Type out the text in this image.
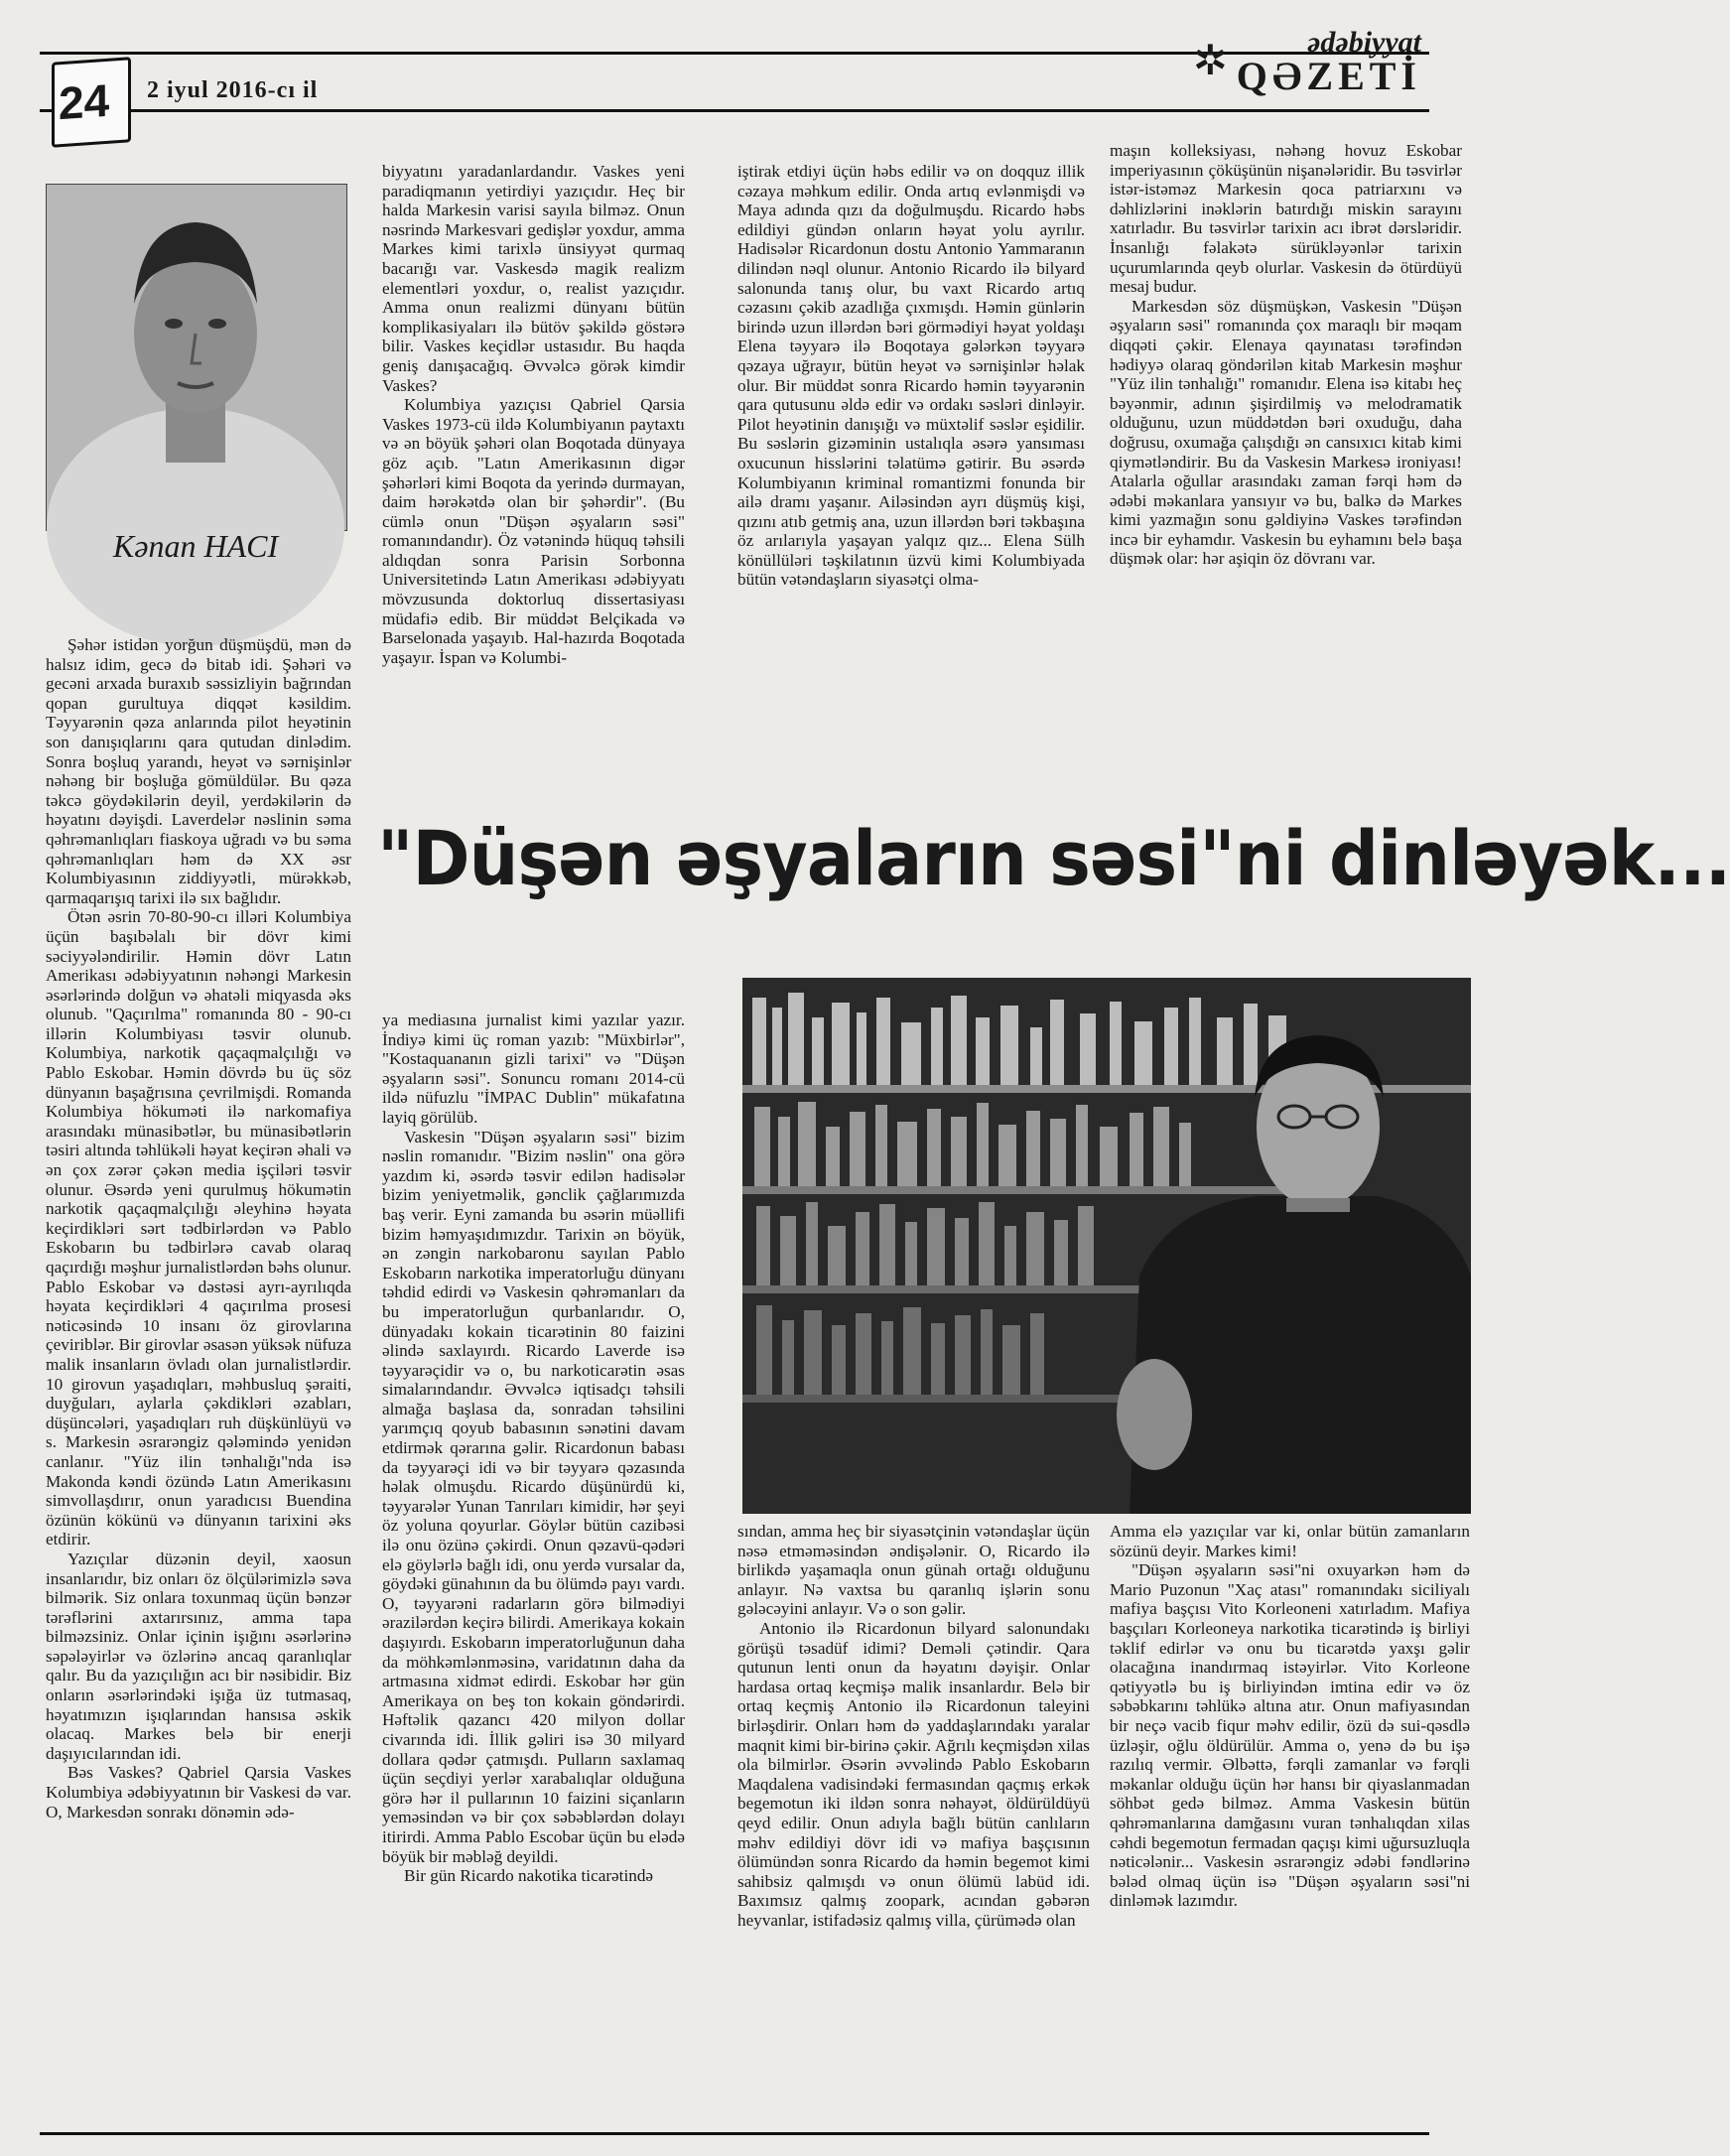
24 2 iyul 2016-cı il
✲	ədəbiyyat
QƏZETİ
Kənan HACI

Şəhər istidən yorğun düşmüşdü, mən də halsız idim, gecə də bitab idi. Şəhəri və gecəni arxada buraxıb səssizliyin bağrından qopan gurultuya diqqət kəsildim. Təyyarənin qəza anlarında pilot heyətinin son danışıqlarını qara qutudan dinlədim. Sonra boşluq yarandı, heyət və sərnişinlər nəhəng bir boşluğa gömüldülər. Bu qəza təkcə göydəkilərin deyil, yerdəkilərin də həyatını dəyişdi. Laverdelər nəslinin səma qəhrəmanlıqları fiaskoya uğradı və bu səma qəhrəmanlıqları həm də XX əsr Kolumbiyasının ziddiyyətli, mürəkkəb, qarmaqarışıq tarixi ilə sıx bağlıdır.

Ötən əsrin 70-80-90-cı illəri Kolumbiya üçün başıbəlalı bir dövr kimi səciyyələndirilir. Həmin dövr Latın Amerikası ədəbiyyatının nəhəngi Markesin əsərlərində dolğun və əhatəli miqyasda əks olunub. "Qaçırılma" romanında 80 - 90-cı illərin Kolumbiyası təsvir olunub. Kolumbiya, narkotik qaçaqmalçılığı və Pablo Eskobar. Həmin dövrdə bu üç söz dünyanın başağrısına çevrilmişdi. Romanda Kolumbiya hökuməti ilə narkomafiya arasındakı münasibətlər, bu münasibətlərin təsiri altında təhlükəli həyat keçirən əhali və ən çox zərər çəkən media işçiləri təsvir olunur. Əsərdə yeni qurulmuş hökumətin narkotik qaçaqmalçılığı əleyhinə həyata keçirdikləri sərt tədbirlərdən və Pablo Eskobarın bu tədbirlərə cavab olaraq qaçırdığı məşhur jurnalistlərdən bəhs olunur. Pablo Eskobar və dəstəsi ayrı-ayrılıqda həyata keçirdikləri 4 qaçırılma prosesi nəticəsində 10 insanı öz girovlarına çeviriblər. Bir girovlar əsasən yüksək nüfuza malik insanların övladı olan jurnalistlərdir. 10 girovun yaşadıqları, məhbusluq şəraiti, duyğuları, aylarla çəkdikləri əzabları, düşüncələri, yaşadıqları ruh düşkünlüyü və s. Markesin əsrarəngiz qələmində yenidən canlanır. "Yüz ilin tənhalığı"nda isə Makonda kəndi özündə Latın Amerikasını simvollaşdırır, onun yaradıcısı Buendina özünün kökünü və dünyanın tarixini əks etdirir.

Yazıçılar düzənin deyil, xaosun insanlarıdır, biz onları öz ölçülərimizlə səva bilmərik. Siz onlara toxunmaq üçün bənzər tərəflərini axtarırsınız, amma tapa bilməzsiniz. Onlar içinin işığını əsərlərinə səpələyirlər və özlərinə ancaq qaranlıqlar qalır. Bu da yazıçılığın acı bir nəsibidir. Biz onların əsərlərindəki işığa üz tutmasaq, həyatımızın işıqlarından hansısa əskik olacaq. Markes belə bir enerji daşıyıcılarından idi.

Bəs Vaskes? Qabriel Qarsia Vaskes Kolumbiya ədəbiyyatının bir Vaskesi də var. O, Markesdən sonrakı dönəmin ədə-

biyyatını yaradanlardandır. Vaskes yeni paradiqmanın yetirdiyi yazıçıdır. Heç bir halda Markesin varisi sayıla bilməz. Onun nəsrində Markesvari gedişlər yoxdur, amma Markes kimi tarixlə ünsiyyət qurmaq bacarığı var. Vaskesdə magik realizm elementləri yoxdur, o, realist yazıçıdır. Amma onun realizmi dünyanı bütün komplikasiyaları ilə bütöv şəkildə göstərə bilir. Vaskes keçidlər ustasıdır. Bu haqda geniş danışacağıq. Əvvəlcə görək kimdir Vaskes?

Kolumbiya yazıçısı Qabriel Qarsia Vaskes 1973-cü ildə Kolumbiyanın paytaxtı və ən böyük şəhəri olan Boqotada dünyaya göz açıb. "Latın Amerikasının digər şəhərləri kimi Boqota da yerində durmayan, daim hərəkətdə olan bir şəhərdir". (Bu cümlə onun "Düşən əşyaların səsi" romanındandır). Öz vətənində hüquq təhsili aldıqdan sonra Parisin Sorbonna Universitetində Latın Amerikası ədəbiyyatı mövzusunda doktorluq dissertasiyası müdafiə edib. Bir müddət Belçikada və Barselonada yaşayıb. Hal-hazırda Boqotada yaşayır. İspan və Kolumbi-

iştirak etdiyi üçün həbs edilir və on doqquz illik cəzaya məhkum edilir. Onda artıq evlənmişdi və Maya adında qızı da doğulmuşdu. Ricardo həbs edildiyi gündən onların həyat yolu ayrılır. Hadisələr Ricardonun dostu Antonio Yammaranın dilindən nəql olunur. Antonio Ricardo ilə bilyard salonunda tanış olur, bu vaxt Ricardo artıq cəzasını çəkib azadlığa çıxmışdı. Həmin günlərin birində uzun illərdən bəri görmədiyi həyat yoldaşı Elena təyyarə ilə Boqotaya gələrkən təyyarə qəzaya uğrayır, bütün heyət və sərnişinlər həlak olur. Bir müddət sonra Ricardo həmin təyyarənin qara qutusunu əldə edir və ordakı səsləri dinləyir. Pilot heyətinin danışığı və müxtəlif səslər eşidilir. Bu səslərin gizəminin ustalıqla əsərə yansıması oxucunun hisslərini təlatümə gətirir. Bu əsərdə Kolumbiyanın kriminal romantizmi fonunda bir ailə dramı yaşanır. Ailəsindən ayrı düşmüş kişi, qızını atıb getmiş ana, uzun illərdən bəri təkbaşına öz arılarıyla yaşayan yalqız qız... Elena Sülh könüllüləri təşkilatının üzvü kimi Kolumbiyada bütün vətəndaşların siyasətçi olma-

maşın kolleksiyası, nəhəng hovuz Eskobar imperiyasının çöküşünün nişanələridir. Bu təsvirlər istər-istəməz Markesin qoca patriarxını və dəhlizlərini inəklərin batırdığı miskin sarayını xatırladır. Bu təsvirlər tarixin acı ibrət dərsləridir. İnsanlığı fəlakətə sürükləyənlər tarixin uçurumlarında qeyb olurlar. Vaskesin də ötürdüyü mesaj budur.

Markesdən söz düşmüşkən, Vaskesin "Düşən əşyaların səsi" romanında çox maraqlı bir məqam diqqəti çəkir. Elenaya qayınatası tərəfindən hədiyyə olaraq göndərilən kitab Markesin məşhur "Yüz ilin tənhalığı" romanıdır. Elena isə kitabı heç bəyənmir, adının şişirdilmiş və melodramatik olduğunu, uzun müddətdən bəri oxuduğu, daha doğrusu, oxumağa çalışdığı ən cansıxıcı kitab kimi qiymətləndirir. Bu da Vaskesin Markesə ironiyası! Atalarla oğullar arasındakı zaman fərqi həm də ədəbi məkanlara yansıyır və bu, balkə də Markes kimi yazmağın sonu gəldiyinə Vaskes tərəfindən incə bir eyhamdır. Vaskesin bu eyhamını belə başa düşmək olar: hər aşiqin öz dövranı var.

"Düşən əşyaların səsi"ni dinləyək...

ya mediasına jurnalist kimi yazılar yazır. İndiyə kimi üç roman yazıb: "Müxbirlər", "Kostaquananın gizli tarixi" və "Düşən əşyaların səsi". Sonuncu romanı 2014-cü ildə nüfuzlu "İMPAC Dublin" mükafatına layiq görülüb.

Vaskesin "Düşən əşyaların səsi" bizim nəslin romanıdır. "Bizim nəslin" ona görə yazdım ki, əsərdə təsvir edilən hadisələr bizim yeniyetməlik, gənclik çağlarımızda baş verir. Eyni zamanda bu əsərin müəllifi bizim həmyaşıdımızdır. Tarixin ən böyük, ən zəngin narkobaronu sayılan Pablo Eskobarın narkotika imperatorluğu dünyanı təhdid edirdi və Vaskesin qəhrəmanları da bu imperatorluğun qurbanlarıdır. O, dünyadakı kokain ticarətinin 80 faizini əlində saxlayırdı. Ricardo Laverde isə təyyarəçidir və o, bu narkoticarətin əsas simalarındandır. Əvvəlcə iqtisadçı təhsili almağa başlasa da, sonradan təhsilini yarımçıq qoyub babasının sənətini davam etdirmək qərarına gəlir. Ricardonun babası da təyyarəçi idi və bir təyyarə qəzasında həlak olmuşdu. Ricardo düşünürdü ki, təyyarələr Yunan Tanrıları kimidir, hər şeyi öz yoluna qoyurlar. Göylər bütün cazibəsi ilə onu özünə çəkirdi. Onun qəzavü-qədəri elə göylərlə bağlı idi, onu yerdə vursalar da, göydəki günahının da bu ölümdə payı vardı. O, təyyarəni radarların görə bilmədiyi ərazilərdən keçirə bilirdi. Amerikaya kokain daşıyırdı. Eskobarın imperatorluğunun daha da möhkəmlənməsinə, varidatının daha da artmasına xidmət edirdi. Eskobar hər gün Amerikaya on beş ton kokain göndərirdi. Həftəlik qazancı 420 milyon dollar civarında idi. İllik gəliri isə 30 milyard dollara qədər çatmışdı. Pulların saxlamaq üçün seçdiyi yerlər xarabalıqlar olduğuna görə hər il pullarının 10 faizini siçanların yeməsindən və bir çox səbəblərdən dolayı itirirdi. Amma Pablo Escobar üçün bu elədə böyük bir məbləğ deyildi.

Bir gün Ricardo nakotika ticarətində

sından, amma heç bir siyasətçinin vətəndaşlar üçün nəsə etməməsindən əndişələnir. O, Ricardo ilə birlikdə yaşamaqla onun günah ortağı olduğunu anlayır. Nə vaxtsa bu qaranlıq işlərin sonu gələcəyini anlayır. Və o son gəlir.

Antonio ilə Ricardonun bilyard salonundakı görüşü təsadüf idimi? Deməli çətindir. Qara qutunun lenti onun da həyatını dəyişir. Onlar hardasa ortaq keçmişə malik insanlardır. Belə bir ortaq keçmiş Antonio ilə Ricardonun taleyini birləşdirir. Onları həm də yaddaşlarındakı yaralar maqnit kimi bir-birinə çəkir. Ağrılı keçmişdən xilas ola bilmirlər. Əsərin əvvəlində Pablo Eskobarın Maqdalena vadisindəki fermasından qaçmış erkək begemotun iki ildən sonra nəhayət, öldürüldüyü qeyd edilir. Onun adıyla bağlı bütün canlıların məhv edildiyi dövr idi və mafiya başçısının ölümündən sonra Ricardo da həmin begemot kimi sahibsiz qalmışdı və onun ölümü labüd idi. Baxımsız qalmış zoopark, acından gəbərən heyvanlar, istifadəsiz qalmış villa, çürümədə olan

Amma elə yazıçılar var ki, onlar bütün zamanların sözünü deyir. Markes kimi!

"Düşən əşyaların səsi"ni oxuyarkən həm də Mario Puzonun "Xaç atası" romanındakı siciliyalı mafiya başçısı Vito Korleoneni xatırladım. Mafiya başçıları Korleoneya narkotika ticarətində iş birliyi təklif edirlər və onu bu ticarətdə yaxşı gəlir olacağına inandırmaq istəyirlər. Vito Korleone qətiyyətlə bu iş birliyindən imtina edir və öz səbəbkarını təhlükə altına atır. Onun mafiyasından bir neçə vacib fiqur məhv edilir, özü də sui-qəsdlə üzləşir, oğlu öldürülür. Amma o, yenə də bu işə razılıq vermir. Əlbəttə, fərqli zamanlar və fərqli məkanlar olduğu üçün hər hansı bir qiyaslanmadan söhbət gedə bilməz. Amma Vaskesin bütün qəhrəmanlarına damğasını vuran tənhalıqdan xilas cəhdi begemotun fermadan qaçışı kimi uğursuzluqla nəticələnir... Vaskesin əsrarəngiz ədəbi fəndlərinə bələd olmaq üçün isə "Düşən əşyaların səsi"ni dinləmək lazımdır.
